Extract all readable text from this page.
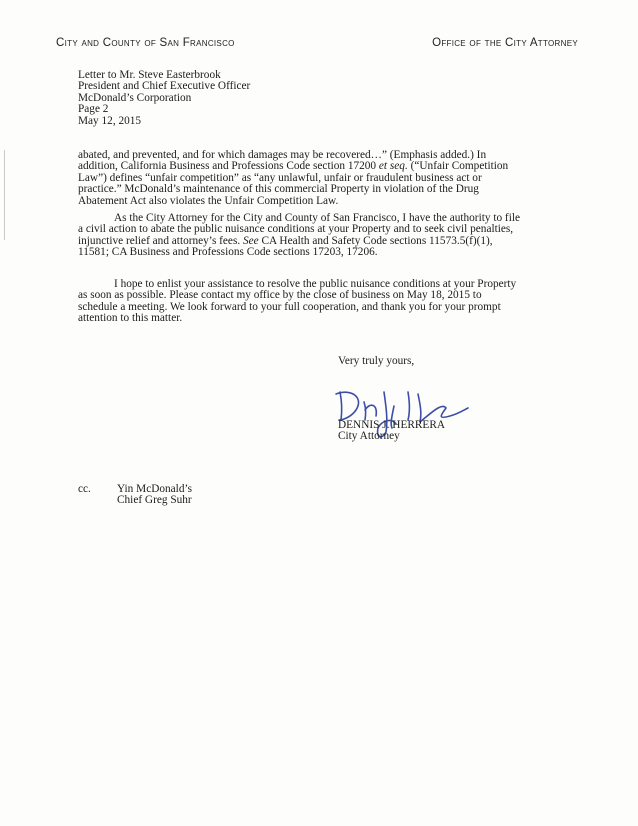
City and County of San Francisco	Office of the City Attorney
Letter to Mr. Steve Easterbrook
President and Chief Executive Officer
McDonald’s Corporation
Page 2
May 12, 2015
abated, and prevented, and for which damages may be recovered…” (Emphasis added.) In
addition, California Business and Professions Code section 17200 et seq. (“Unfair Competition
Law”) defines “unfair competition” as “any unlawful, unfair or fraudulent business act or
practice.” McDonald’s maintenance of this commercial Property in violation of the Drug
Abatement Act also violates the Unfair Competition Law.
As the City Attorney for the City and County of San Francisco, I have the authority to file
a civil action to abate the public nuisance conditions at your Property and to seek civil penalties,
injunctive relief and attorney’s fees. See CA Health and Safety Code sections 11573.5(f)(1),
11581; CA Business and Professions Code sections 17203, 17206.
I hope to enlist your assistance to resolve the public nuisance conditions at your Property
as soon as possible. Please contact my office by the close of business on May 18, 2015 to
schedule a meeting. We look forward to your full cooperation, and thank you for your prompt
attention to this matter.
Very truly yours,
DENNIS J. HERRERA
City Attorney
cc. Yin McDonald’s
Chief Greg Suhr
